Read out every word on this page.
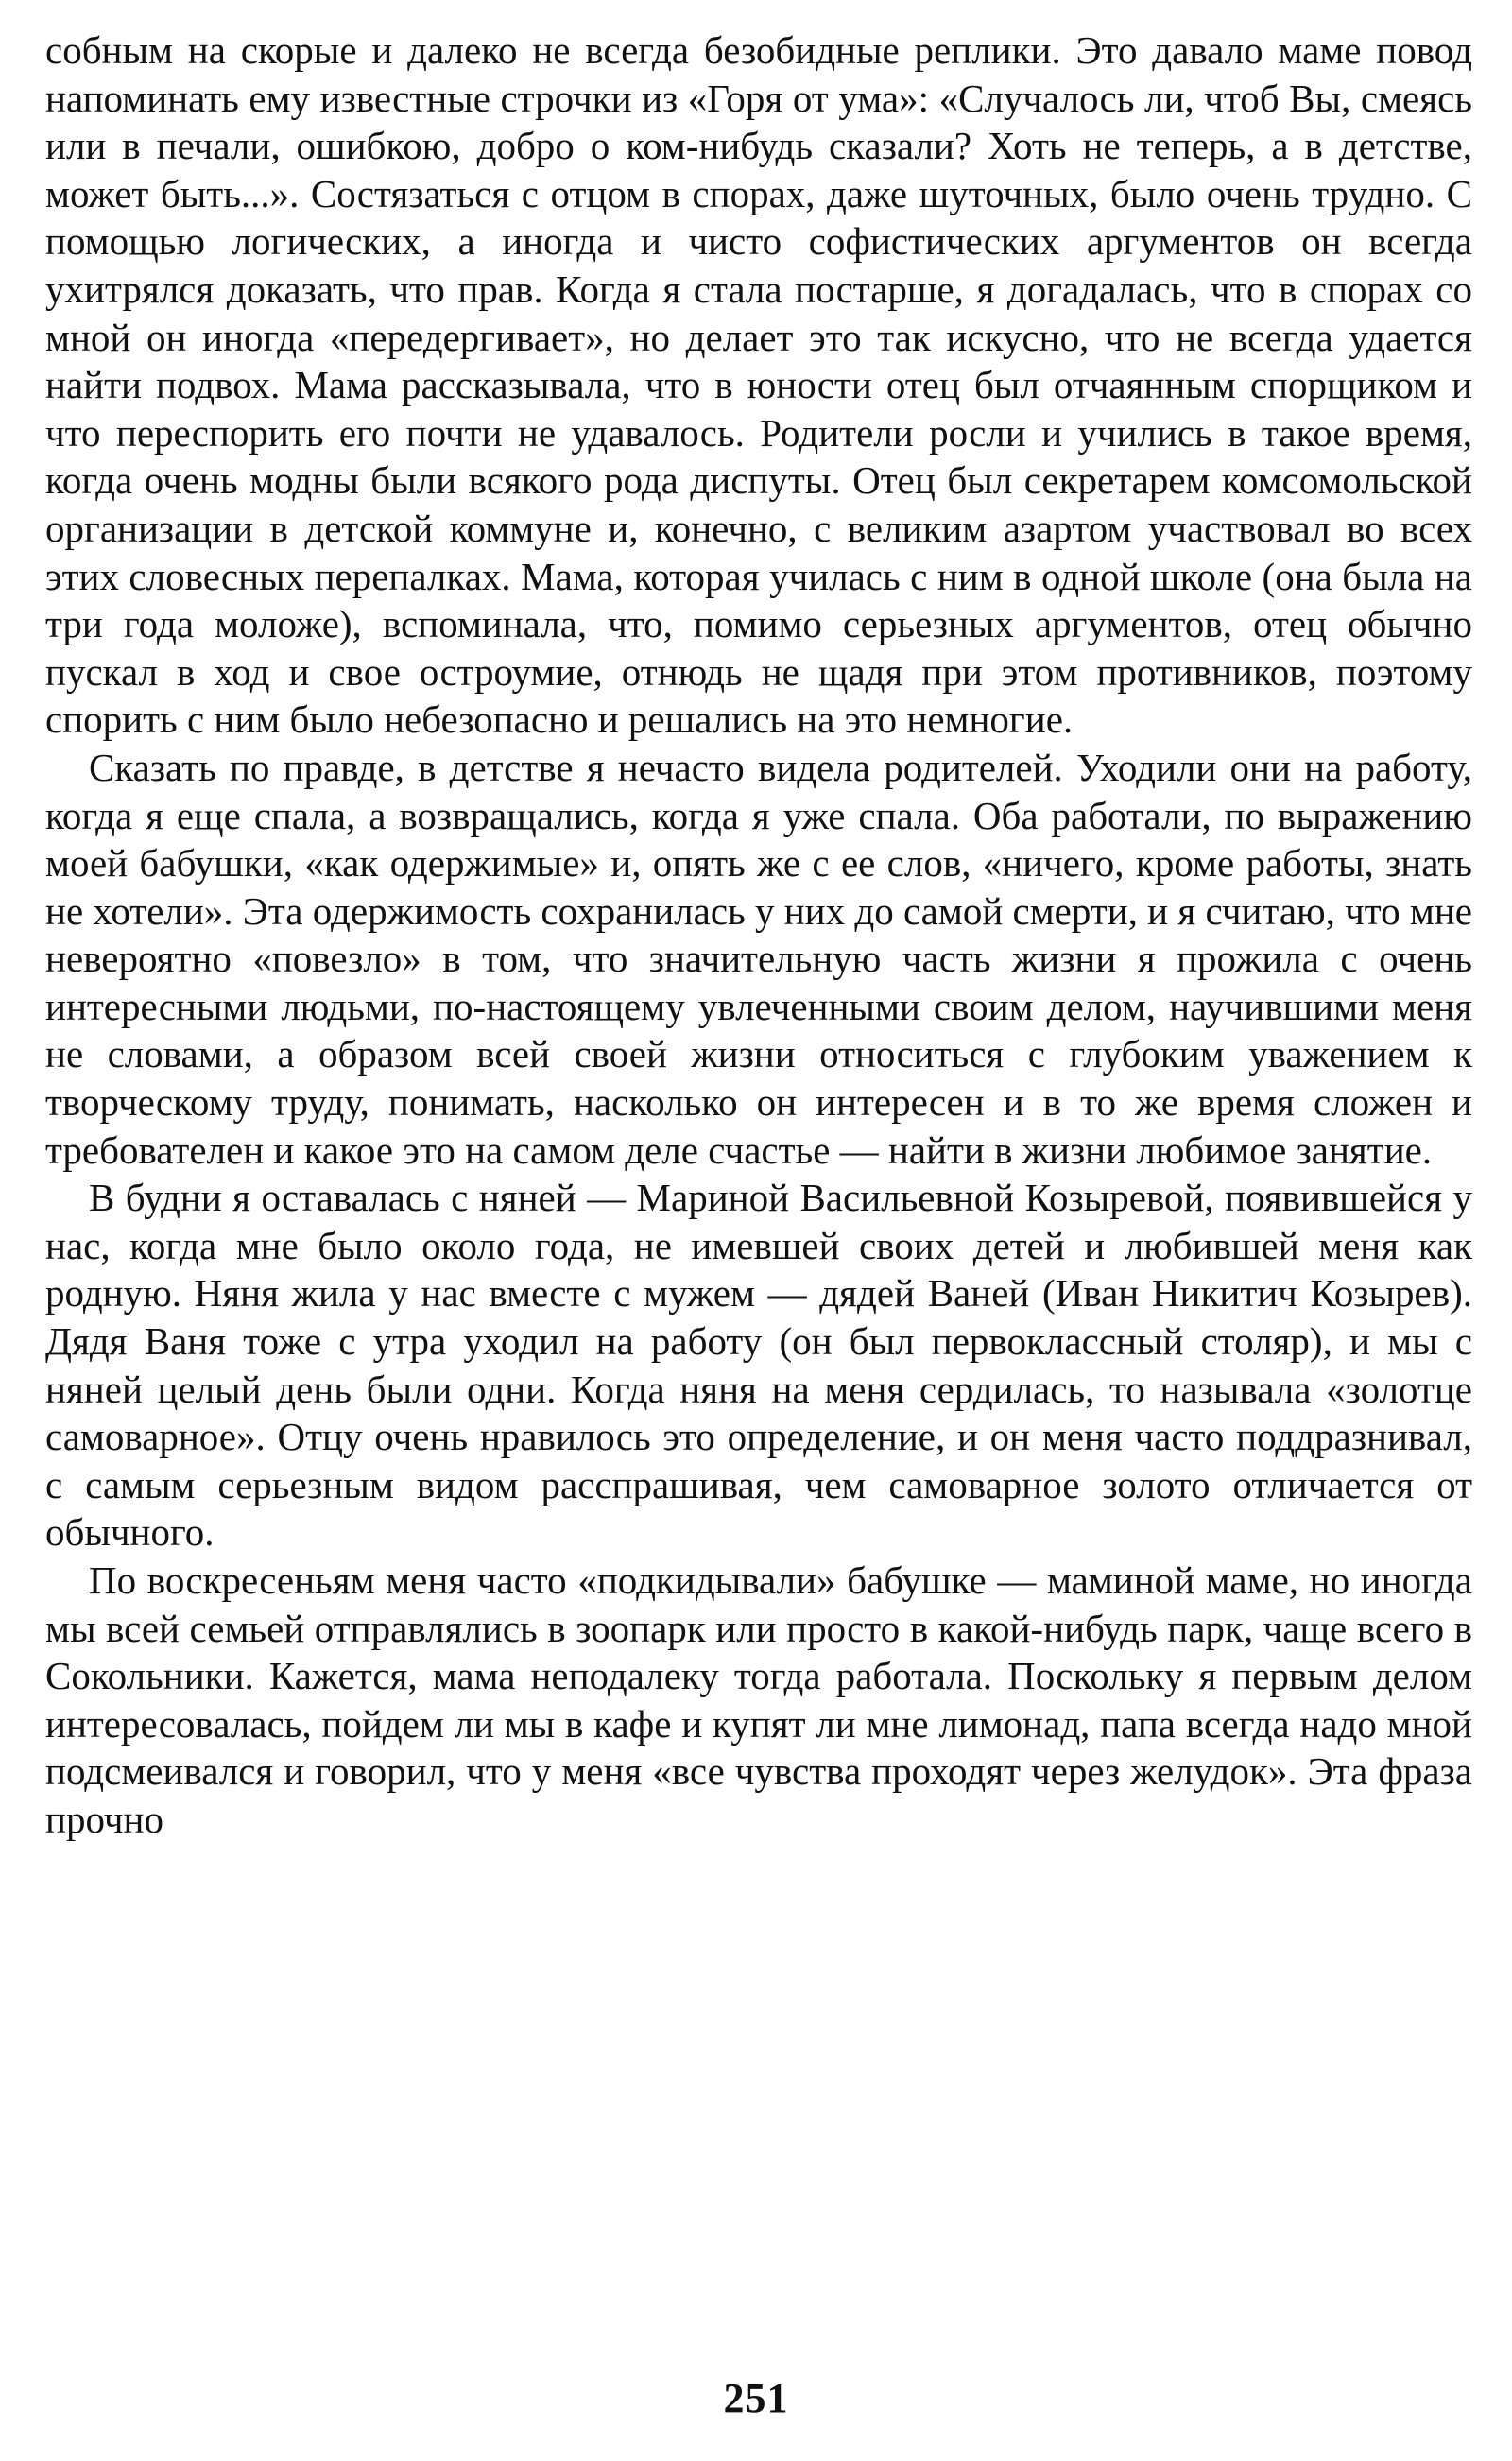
собным на скорые и далеко не всегда безобидные реплики. Это давало маме повод напоминать ему известные строчки из «Горя от ума»: «Случалось ли, чтоб Вы, смеясь или в печали, ошибкою, добро о ком-нибудь сказали? Хоть не теперь, а в детстве, может быть...». Состязаться с отцом в спорах, даже шуточных, было очень трудно. С помощью логических, а иногда и чисто софистических аргументов он всегда ухитрялся доказать, что прав. Когда я стала постарше, я догадалась, что в спорах со мной он иногда «передергивает», но делает это так искусно, что не всегда удается найти подвох. Мама рассказывала, что в юности отец был отчаянным спорщиком и что переспорить его почти не удавалось. Родители росли и учились в такое время, когда очень модны были всякого рода диспуты. Отец был секретарем комсомольской организации в детской коммуне и, конечно, с великим азартом участвовал во всех этих словесных перепалках. Мама, которая училась с ним в одной школе (она была на три года моложе), вспоминала, что, помимо серьезных аргументов, отец обычно пускал в ход и свое остроумие, отнюдь не щадя при этом противников, поэтому спорить с ним было небезопасно и решались на это немногие.

Сказать по правде, в детстве я нечасто видела родителей. Уходили они на работу, когда я еще спала, а возвращались, когда я уже спала. Оба работали, по выражению моей бабушки, «как одержимые» и, опять же с ее слов, «ничего, кроме работы, знать не хотели». Эта одержимость сохранилась у них до самой смерти, и я считаю, что мне невероятно «повезло» в том, что значительную часть жизни я прожила с очень интересными людьми, по-настоящему увлеченными своим делом, научившими меня не словами, а образом всей своей жизни относиться с глубоким уважением к творческому труду, понимать, насколько он интересен и в то же время сложен и требователен и какое это на самом деле счастье — найти в жизни любимое занятие.

В будни я оставалась с няней — Мариной Васильевной Козыревой, появившейся у нас, когда мне было около года, не имевшей своих детей и любившей меня как родную. Няня жила у нас вместе с мужем — дядей Ваней (Иван Никитич Козырев). Дядя Ваня тоже с утра уходил на работу (он был первоклассный столяр), и мы с няней целый день были одни. Когда няня на меня сердилась, то называла «золотце самоварное». Отцу очень нравилось это определение, и он меня часто поддразнивал, с самым серьезным видом расспрашивая, чем самоварное золото отличается от обычного.

По воскресеньям меня часто «подкидывали» бабушке — маминой маме, но иногда мы всей семьей отправлялись в зоопарк или просто в какой-нибудь парк, чаще всего в Сокольники. Кажется, мама неподалеку тогда работала. Поскольку я первым делом интересовалась, пойдем ли мы в кафе и купят ли мне лимонад, папа всегда надо мной подсмеивался и говорил, что у меня «все чувства проходят через желудок». Эта фраза прочно

251
